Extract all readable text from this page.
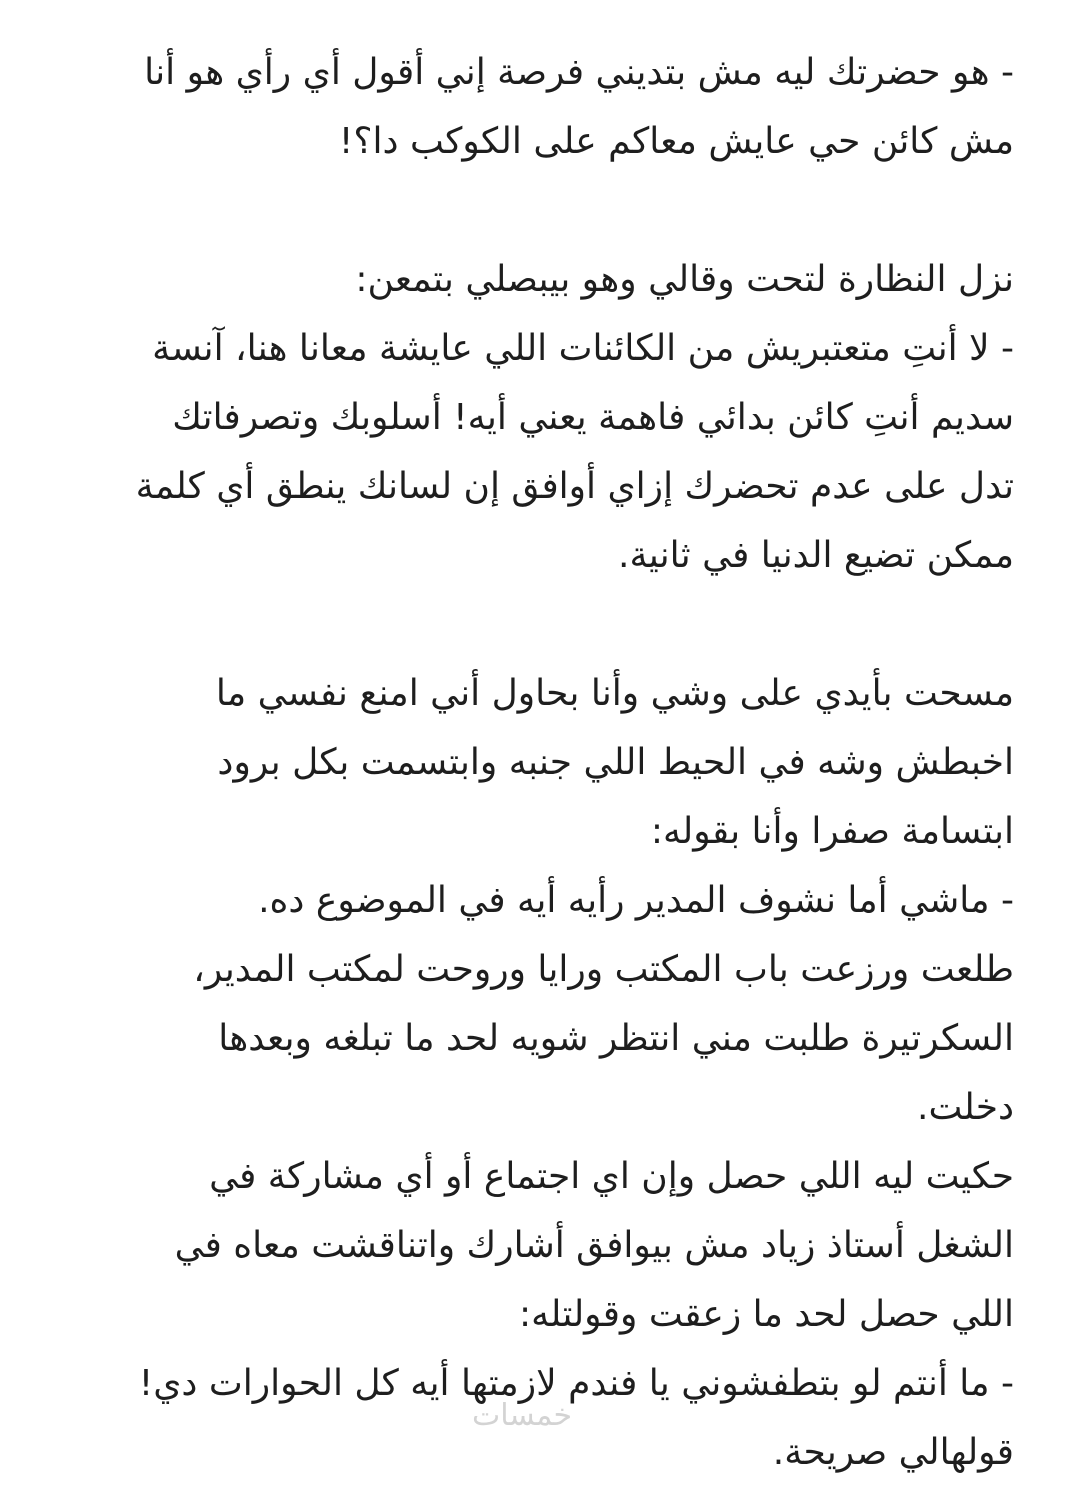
- هو حضرتك ليه مش بتديني فرصة إني أقول أي رأي هو أنا
مش كائن حي عايش معاكم على الكوكب دا؟!
نزل النظارة لتحت وقالي وهو بيبصلي بتمعن:
- لا أنتِ متعتبريش من الكائنات اللي عايشة معانا هنا، آنسة
سديم أنتِ كائن بدائي فاهمة يعني أيه! أسلوبك وتصرفاتك
تدل على عدم تحضرك إزاي أوافق إن لسانك ينطق أي كلمة
ممكن تضيع الدنيا في ثانية.
مسحت بأيدي على وشي وأنا بحاول أني امنع نفسي ما
اخبطش وشه في الحيط اللي جنبه وابتسمت بكل برود
ابتسامة صفرا وأنا بقوله:
- ماشي أما نشوف المدير رأيه أيه في الموضوع ده.
طلعت ورزعت باب المكتب ورايا وروحت لمكتب المدير،
السكرتيرة طلبت مني انتظر شويه لحد ما تبلغه وبعدها
دخلت.
حكيت ليه اللي حصل وإن اي اجتماع أو أي مشاركة في
الشغل أستاذ زياد مش بيوافق أشارك واتناقشت معاه في
اللي حصل لحد ما زعقت وقولتله:
- ما أنتم لو بتطفشوني يا فندم لازمتها أيه كل الحوارات دي!
قولهالي صريحة.
خمسات
